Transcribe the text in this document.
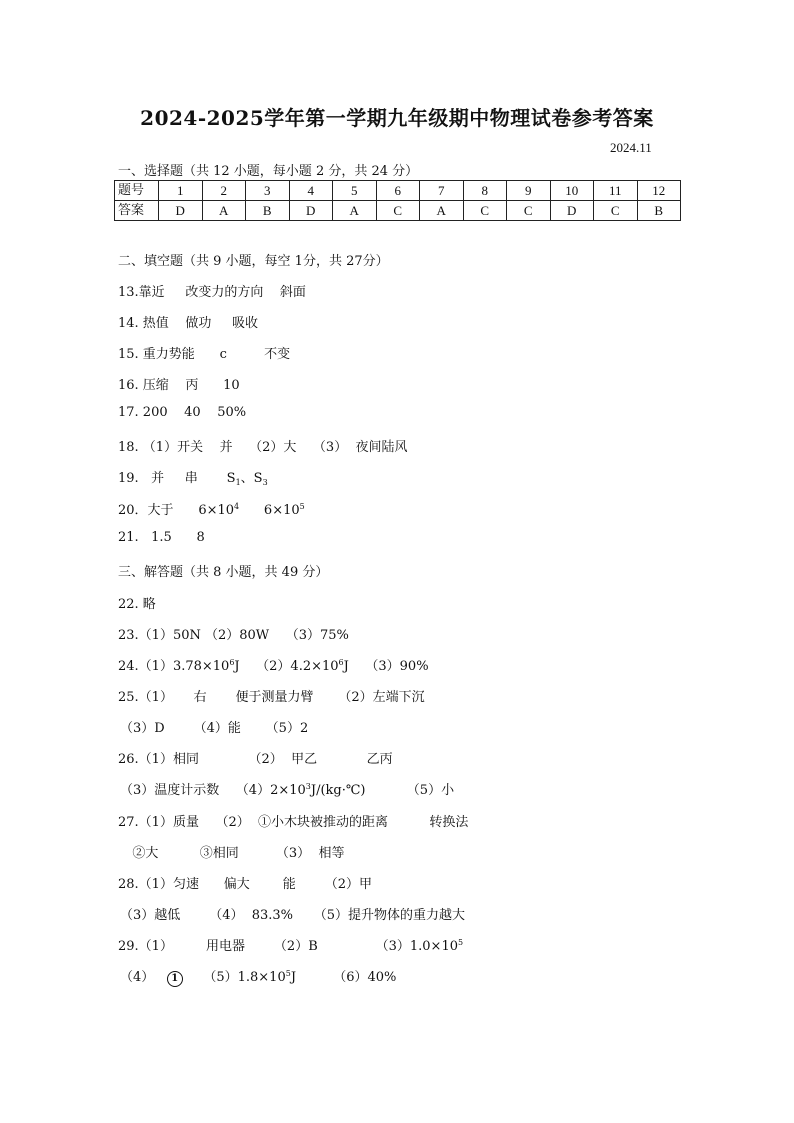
2024-2025学年第一学期九年级期中物理试卷参考答案
2024.11
一、选择题（共 12 小题，每小题 2 分，共 24 分）
题号	1	2	3	4	5	6	7	8	9	10	11	12
答案	D	A	B	D	A	C	A	C	C	D	C	B
二、填空题（共 9 小题，每空 1分，共 27分）
13.靠近     改变力的方向    斜面
14. 热值    做功     吸收
15. 重力势能      c         不变
16. 压缩    丙      10
17. 200    40    50%
18. （1）开关    并    （2）大    （3）  夜间陆风
19.   并     串       $S_1$、$S_3$
20．大于      $6\times 10^4$      $6\times 10^5$
21.   1.5      8
三、解答题（共 8 小题，共 49 分）
22. 略
23.（1）50N （2）80W    （3）75%
$24.(1)3.78\times 10^6J$    $(2)4.2\times 10^6J$    （3）90%
25.（1）     右       便于测量力臂      （2）左端下沉
（3）D       （4）能      （5）2
26.（1）相同            （2）  甲乙            乙丙
（3）温度计示数    $(4)2\times 10^3J/(kg\cdot℃)$          （5）小
27.（1）质量    （2）  ①小木块被推动的距离          转换法
②大          ③相同         （3）  相等
28.（1）匀速      偏大        能       （2）甲
（3）越低       （4）  83.3%     （5）提升物体的重力越大
29.（1）        用电器       （2）B              $(3)1.0\times 10^5$
（4）   1     $(5)1.8\times 10^5J$         （6）40%
